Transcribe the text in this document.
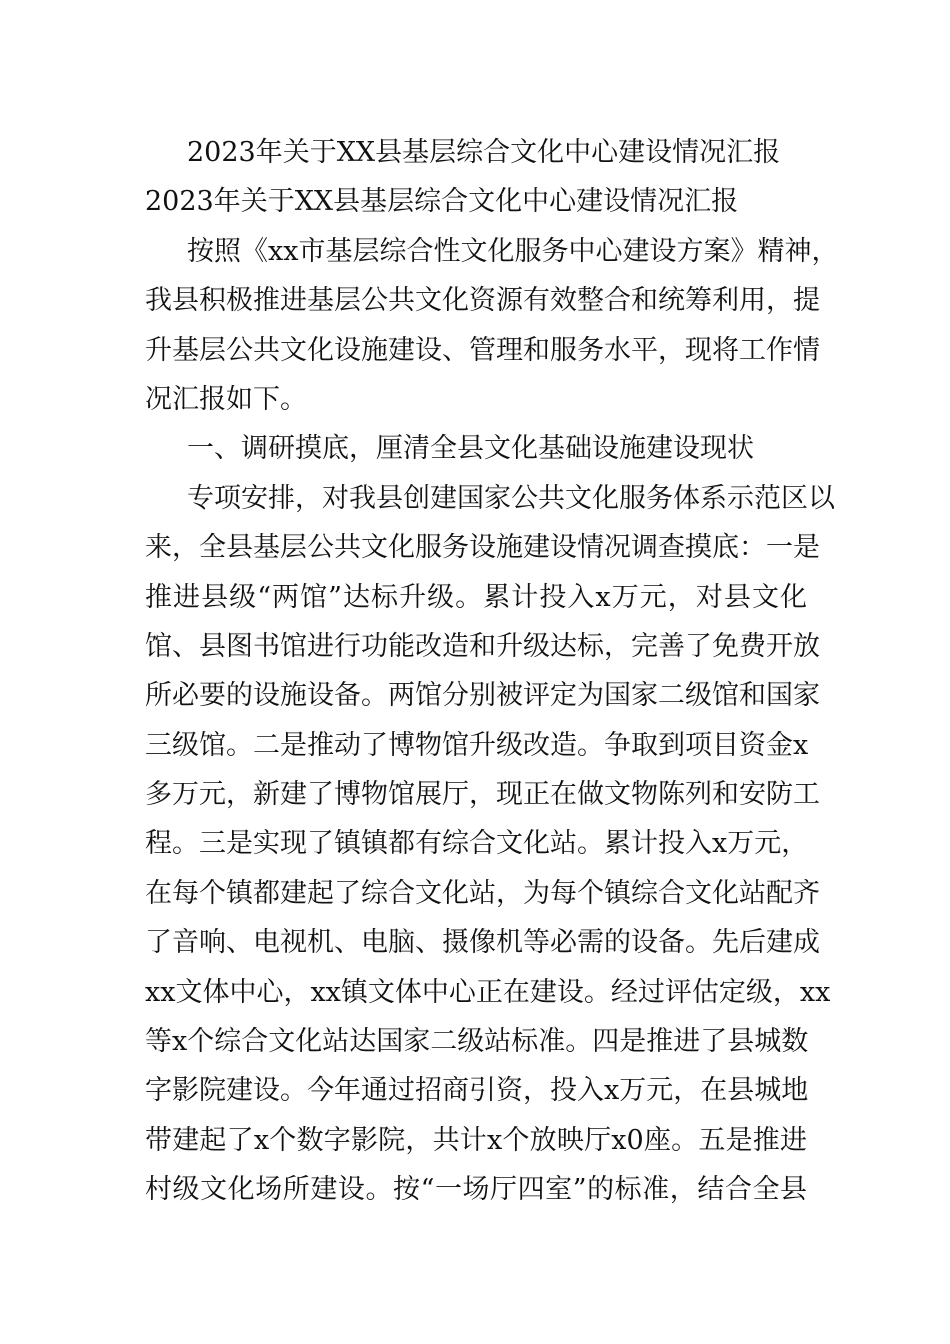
2023年关于XX县基层综合文化中心建设情况汇报

2023年关于XX县基层综合文化中心建设情况汇报

按照《xx市基层综合性文化服务中心建设方案》精神，

我县积极推进基层公共文化资源有效整合和统筹利用，提

升基层公共文化设施建设、管理和服务水平，现将工作情

况汇报如下。

一、调研摸底，厘清全县文化基础设施建设现状

专项安排，对我县创建国家公共文化服务体系示范区以

来，全县基层公共文化服务设施建设情况调查摸底：一是

推进县级“两馆”达标升级。累计投入x万元，对县文化

馆、县图书馆进行功能改造和升级达标，完善了免费开放

所必要的设施设备。两馆分别被评定为国家二级馆和国家

三级馆。二是推动了博物馆升级改造。争取到项目资金x

多万元，新建了博物馆展厅，现正在做文物陈列和安防工

程。三是实现了镇镇都有综合文化站。累计投入x万元，

在每个镇都建起了综合文化站，为每个镇综合文化站配齐

了音响、电视机、电脑、摄像机等必需的设备。先后建成

xx文体中心，xx镇文体中心正在建设。经过评估定级，xx

等x个综合文化站达国家二级站标准。四是推进了县城数

字影院建设。今年通过招商引资，投入x万元，在县城地

带建起了x个数字影院，共计x个放映厅x0座。五是推进

村级文化场所建设。按“一场厅四室”的标准，结合全县
